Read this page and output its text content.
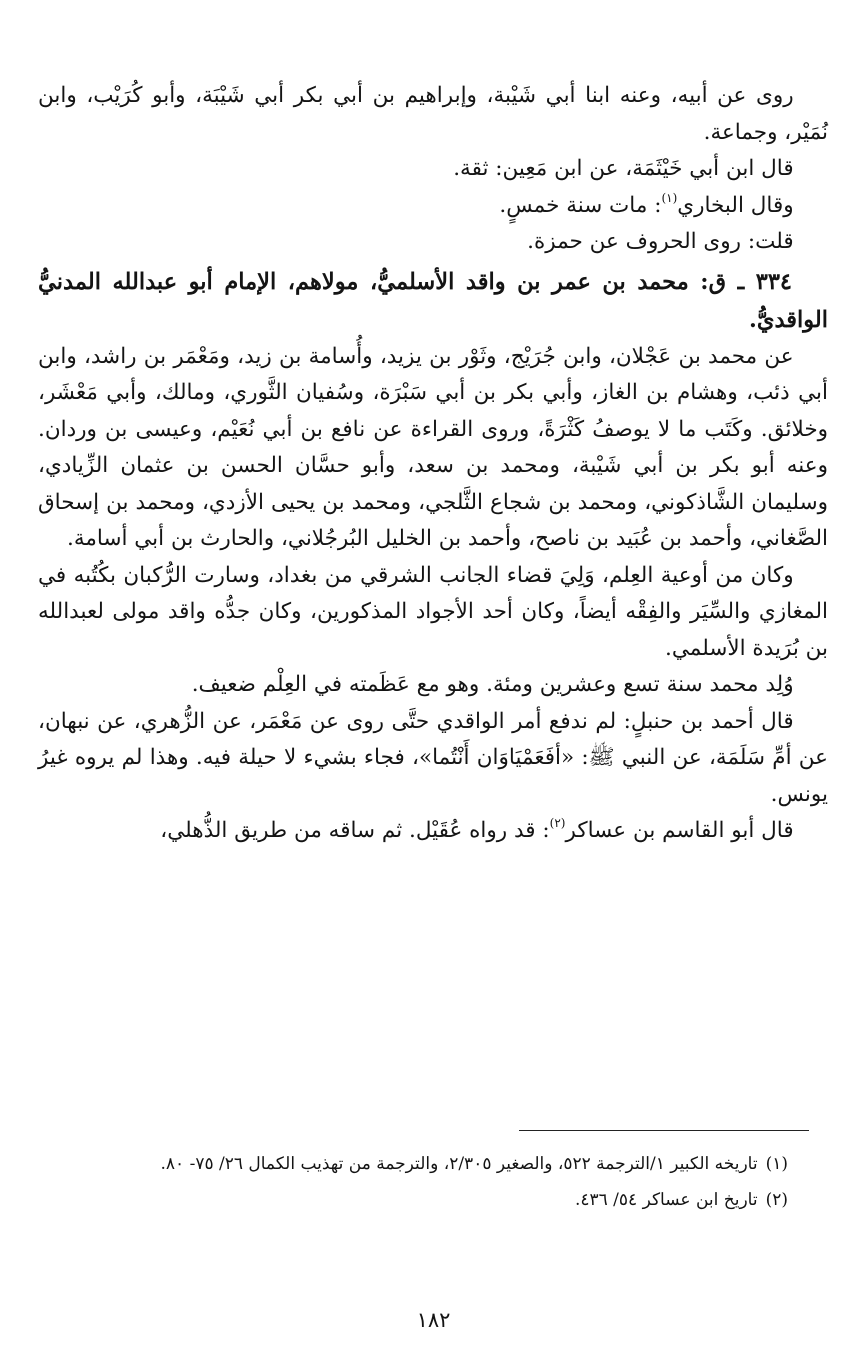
روى عن أبيه، وعنه ابنا أبي شَيْبة، وإبراهيم بن أبي بكر أبي شَيْبَة، وأبو كُرَيْب، وابن نُمَيْر، وجماعة.

قال ابن أبي خَيْثَمَة، عن ابن مَعِين: ثقة.

وقال البخاري$^{(١)}$: مات سنة خمسٍ.

قلت: روى الحروف عن حمزة.

٣٣٤ ـ ق: محمد بن عمر بن واقد الأسلميُّ، مولاهم، الإمام أبو عبدالله المدنيُّ الواقديُّ.

عن محمد بن عَجْلان، وابن جُرَيْج، وثَوْر بن يزيد، وأُسامة بن زيد، ومَعْمَر بن راشد، وابن أبي ذئب، وهشام بن الغاز، وأبي بكر بن أبي سَبْرَة، وسُفيان الثَّوري، ومالك، وأبي مَعْشَر، وخلائق. وكَتَب ما لا يوصفُ كَثْرَةً، وروى القراءة عن نافع بن أبي نُعَيْم، وعيسى بن وردان. وعنه أبو بكر بن أبي شَيْبة، ومحمد بن سعد، وأبو حسَّان الحسن بن عثمان الزِّيادي، وسليمان الشَّاذكوني، ومحمد بن شجاع الثَّلجي، ومحمد بن يحيى الأزدي، ومحمد بن إسحاق الصَّغاني، وأحمد بن عُبَيد بن ناصح، وأحمد بن الخليل البُرجُلاني، والحارث بن أبي أسامة.

وكان من أوعية العِلم، وَلِيَ قضاء الجانب الشرقي من بغداد، وسارت الرُّكبان بكُتُبه في المغازي والسِّيَر والفِقْه أيضاً، وكان أحد الأجواد المذكورين، وكان جدُّه واقد مولى لعبدالله بن بُرَيدة الأسلمي.

وُلِد محمد سنة تسع وعشرين ومئة. وهو مع عَظَمته في العِلْم ضعيف.

قال أحمد بن حنبلٍ: لم ندفع أمر الواقدي حتَّى روى عن مَعْمَر، عن الزُّهري، عن نبهان، عن أمِّ سَلَمَة، عن النبي ﷺ: «أفَعَمْيَاوَان أَنْتُما»، فجاء بشيء لا حيلة فيه. وهذا لم يروه غيرُ يونس.

قال أبو القاسم بن عساكر$^{(٢)}$: قد رواه عُقَيْل. ثم ساقه من طريق الذُّهلي،

(١)تاريخه الكبير ١/الترجمة ٥٢٢، والصغير ٢/٣٠٥، والترجمة من تهذيب الكمال ٢٦/ ٧٥- ٨٠.

(٢)تاريخ ابن عساكر ٥٤/ ٤٣٦.

١٨٢
